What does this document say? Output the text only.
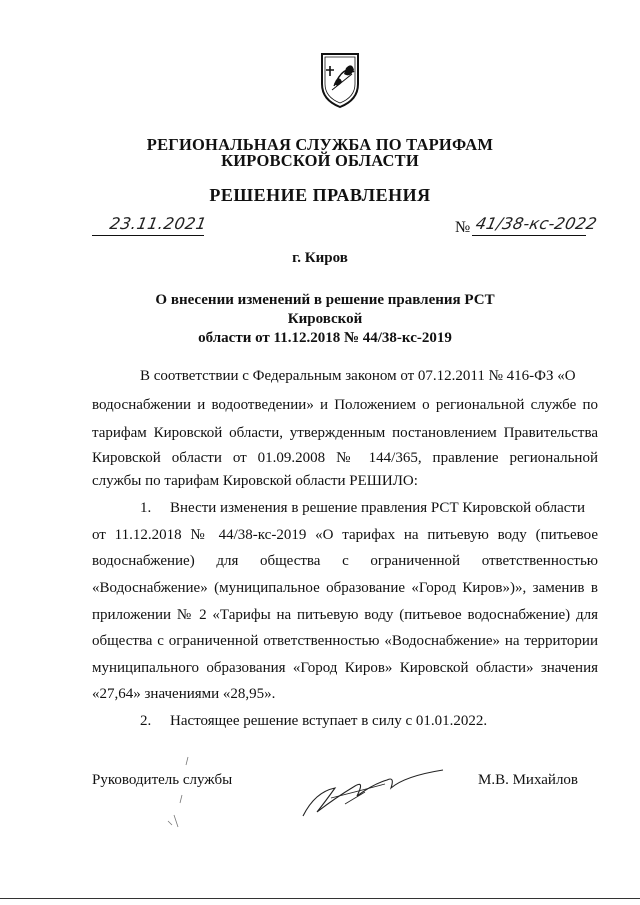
РЕГИОНАЛЬНАЯ СЛУЖБА ПО ТАРИФАМ
КИРОВСКОЙ ОБЛАСТИ
РЕШЕНИЕ ПРАВЛЕНИЯ
23.11.2021	№ 41/38-кс-2022
г. Киров
О внесении изменений в решение правления РСТ Кировской
области от 11.12.2018 № 44/38-кс-2019
В соответствии с Федеральным законом от 07.12.2011 № 416-ФЗ «О
водоснабжении и водоотведении» и Положением о региональной службе по
тарифам Кировской области, утвержденным постановлением Правительства
Кировской области от 01.09.2008 № 144/365, правление региональной
службы по тарифам Кировской области РЕШИЛО:
1.     Внести изменения в решение правления РСТ Кировской области
от 11.12.2018 № 44/38-кс-2019 «О тарифах на питьевую воду (питьевое
водоснабжение) для общества с ограниченной ответственностью
«Водоснабжение» (муниципальное образование «Город Киров»)», заменив в
приложении № 2 «Тарифы на питьевую воду (питьевое водоснабжение) для
общества с ограниченной ответственностью «Водоснабжение» на территории
муниципального образования «Город Киров» Кировской области» значения
«27,64» значениями «28,95».
2.     Настоящее решение вступает в силу с 01.01.2022.
Руководитель службы	М.В. Михайлов
